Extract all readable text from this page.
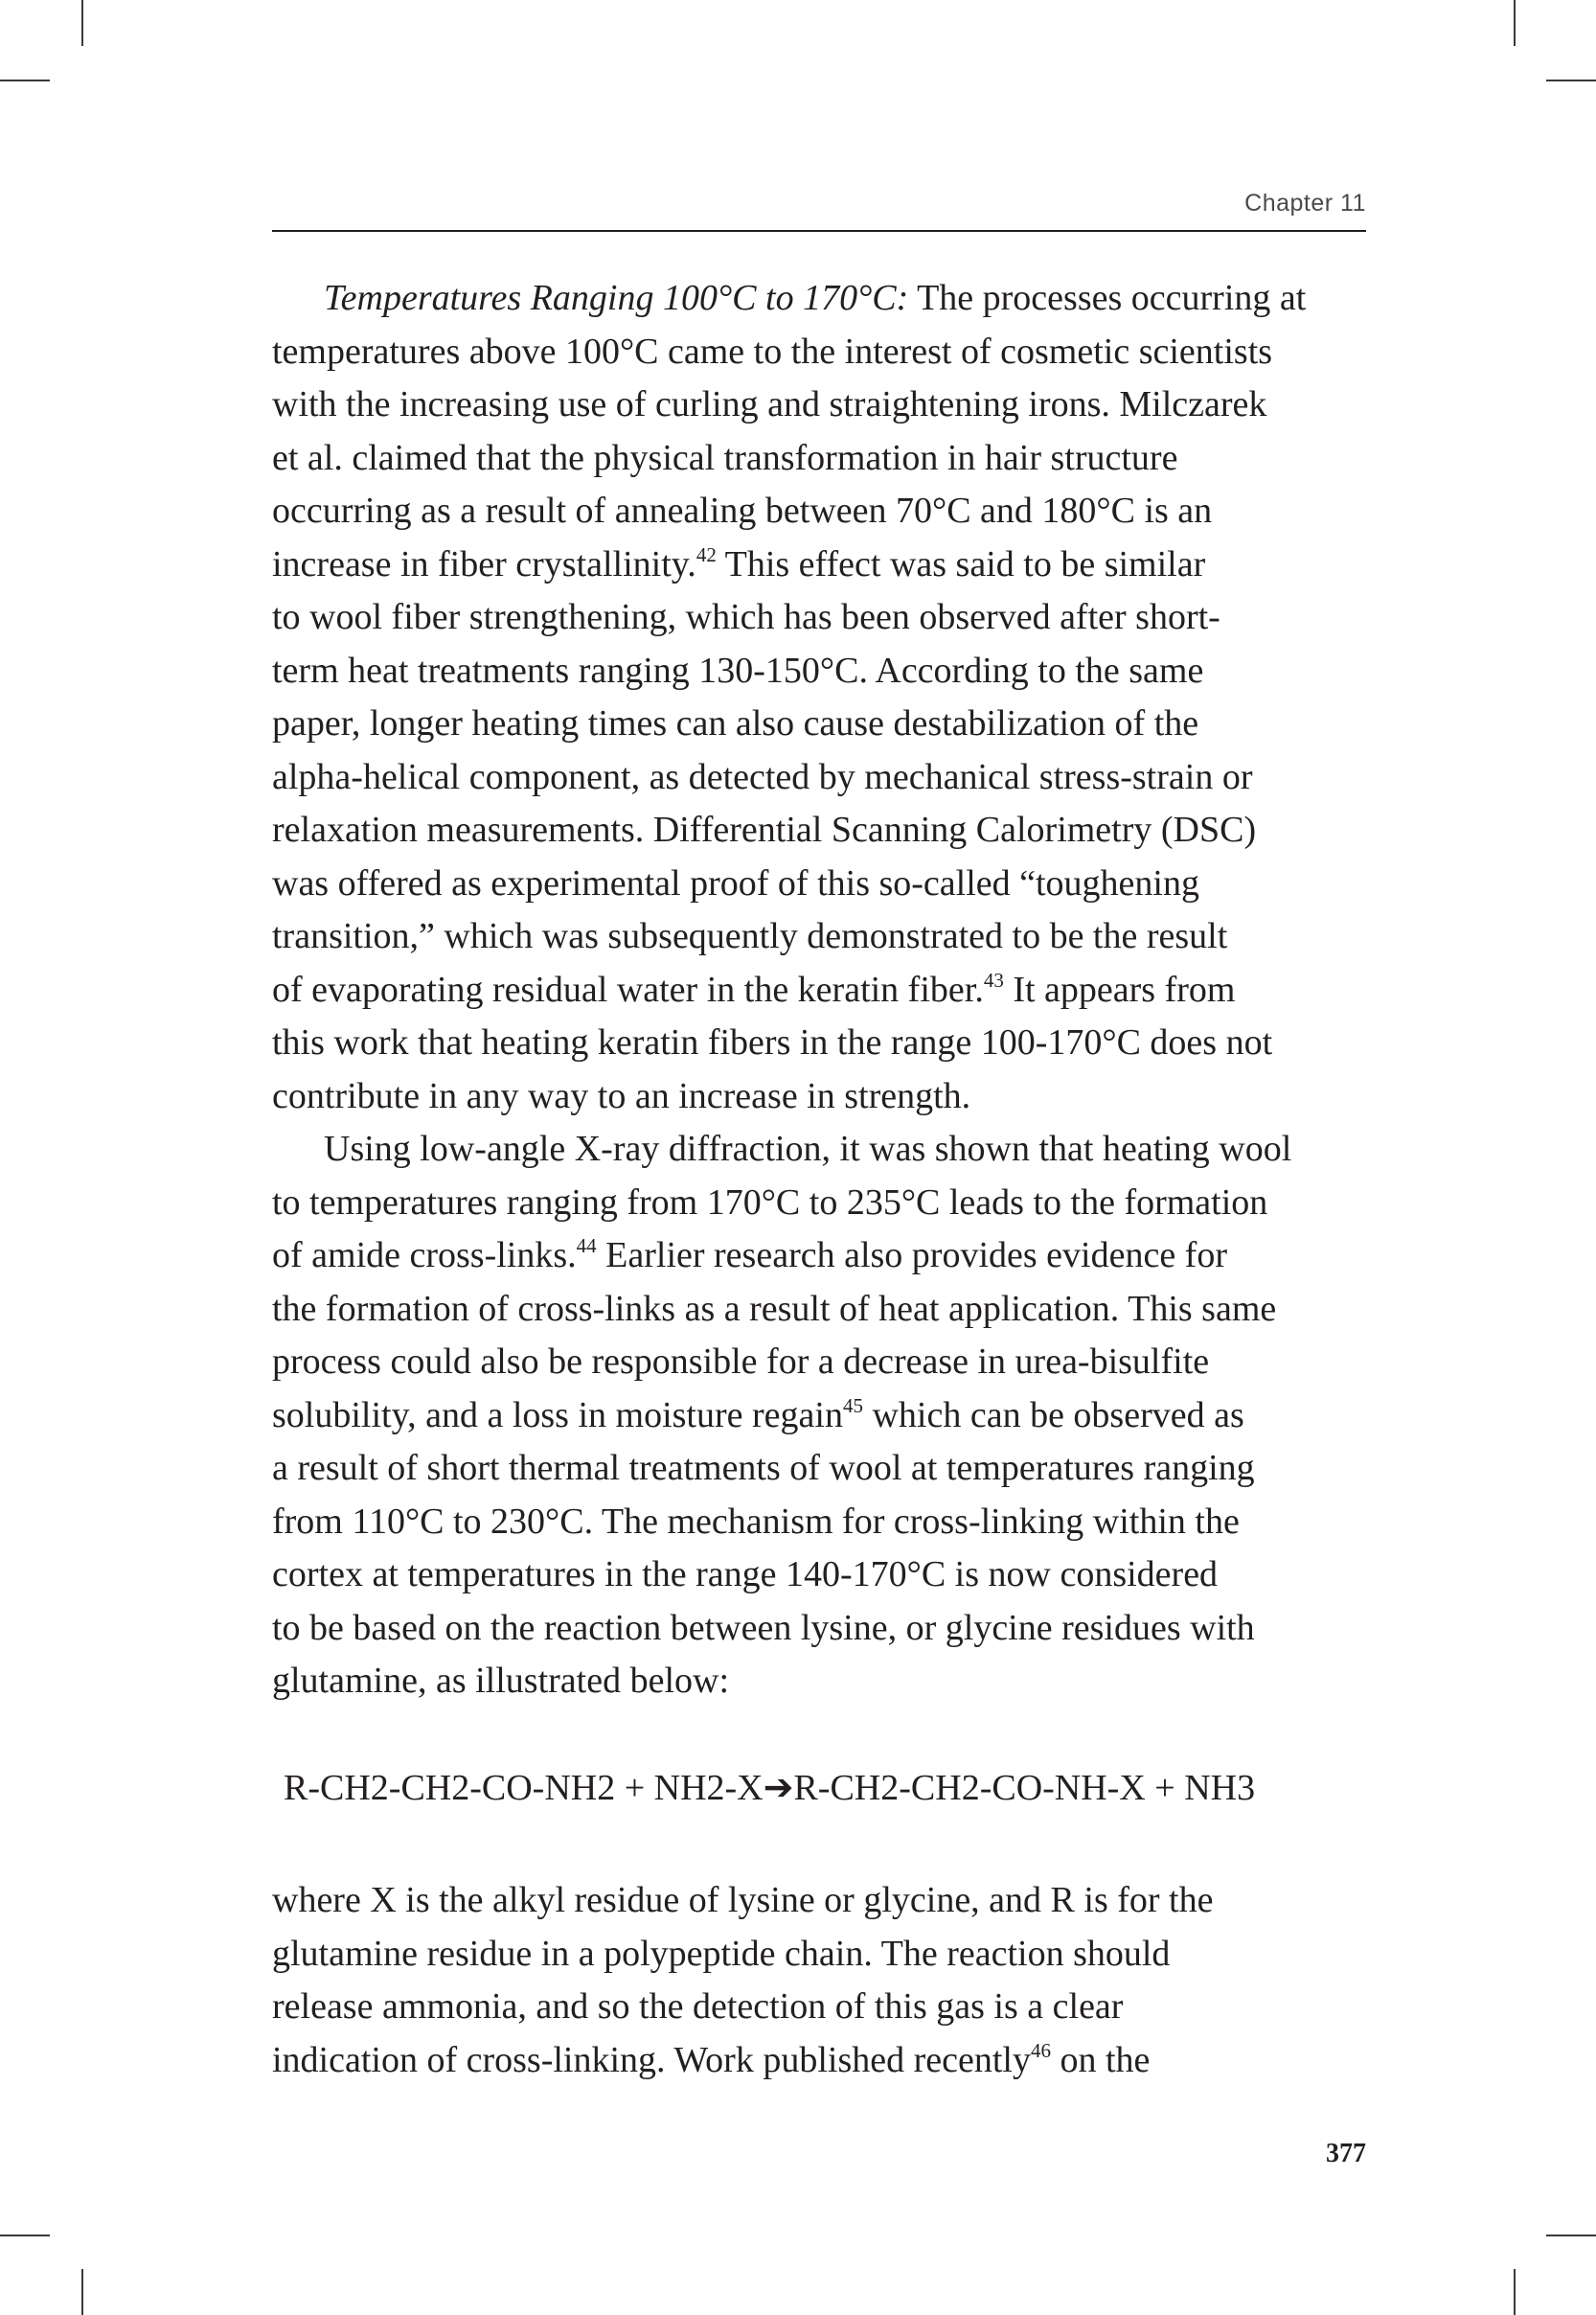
Chapter 11
Temperatures Ranging 100°C to 170°C: The processes occurring at
temperatures above 100°C came to the interest of cosmetic scientists
with the increasing use of curling and straightening irons. Milczarek
et al. claimed that the physical transformation in hair structure
occurring as a result of annealing between 70°C and 180°C is an
increase in fiber crystallinity.$^{42}$ This effect was said to be similar
to wool fiber strengthening, which has been observed after short-
term heat treatments ranging 130-150°C. According to the same
paper, longer heating times can also cause destabilization of the
alpha-helical component, as detected by mechanical stress-strain or
relaxation measurements. Differential Scanning Calorimetry (DSC)
was offered as experimental proof of this so-called “toughening
transition,” which was subsequently demonstrated to be the result
of evaporating residual water in the keratin fiber.$^{43}$ It appears from
this work that heating keratin fibers in the range 100-170°C does not
contribute in any way to an increase in strength.
Using low-angle X-ray diffraction, it was shown that heating wool
to temperatures ranging from 170°C to 235°C leads to the formation
of amide cross-links.$^{44}$ Earlier research also provides evidence for
the formation of cross-links as a result of heat application. This same
process could also be responsible for a decrease in urea-bisulfite
solubility, and a loss in moisture regain$^{45}$ which can be observed as
a result of short thermal treatments of wool at temperatures ranging
from 110°C to 230°C. The mechanism for cross-linking within the
cortex at temperatures in the range 140-170°C is now considered
to be based on the reaction between lysine, or glycine residues with
glutamine, as illustrated below:
R-CH2-CH2-CO-NH2 + NH2-X➔R-CH2-CH2-CO-NH-X + NH3
where X is the alkyl residue of lysine or glycine, and R is for the
glutamine residue in a polypeptide chain. The reaction should
release ammonia, and so the detection of this gas is a clear
indication of cross-linking. Work published recently$^{46}$ on the
377
